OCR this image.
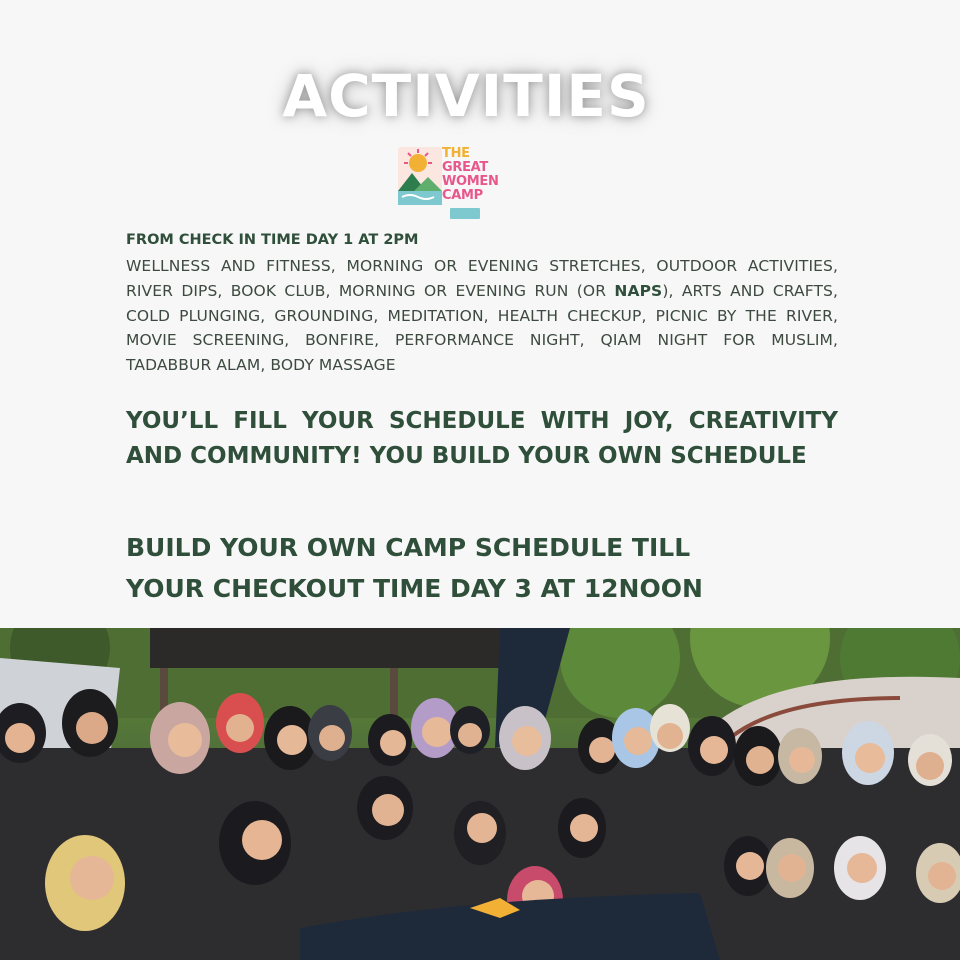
ACTIVITIES
THE
GREAT
WOMEN
CAMP
FROM CHECK IN TIME DAY 1 AT 2PM
WELLNESS AND FITNESS, MORNING OR EVENING STRETCHES, OUTDOOR ACTIVITIES, RIVER DIPS, BOOK CLUB, MORNING OR EVENING RUN (OR NAPS), ARTS AND CRAFTS, COLD PLUNGING, GROUNDING, MEDITATION, HEALTH CHECKUP, PICNIC BY THE RIVER, MOVIE SCREENING, BONFIRE, PERFORMANCE NIGHT, QIAM NIGHT FOR MUSLIM, TADABBUR ALAM, BODY MASSAGE
YOU’LL FILL YOUR SCHEDULE WITH JOY, CREATIVITY AND COMMUNITY! YOU BUILD YOUR OWN SCHEDULE
BUILD YOUR OWN CAMP SCHEDULE TILL
YOUR CHECKOUT TIME DAY 3 AT 12NOON
